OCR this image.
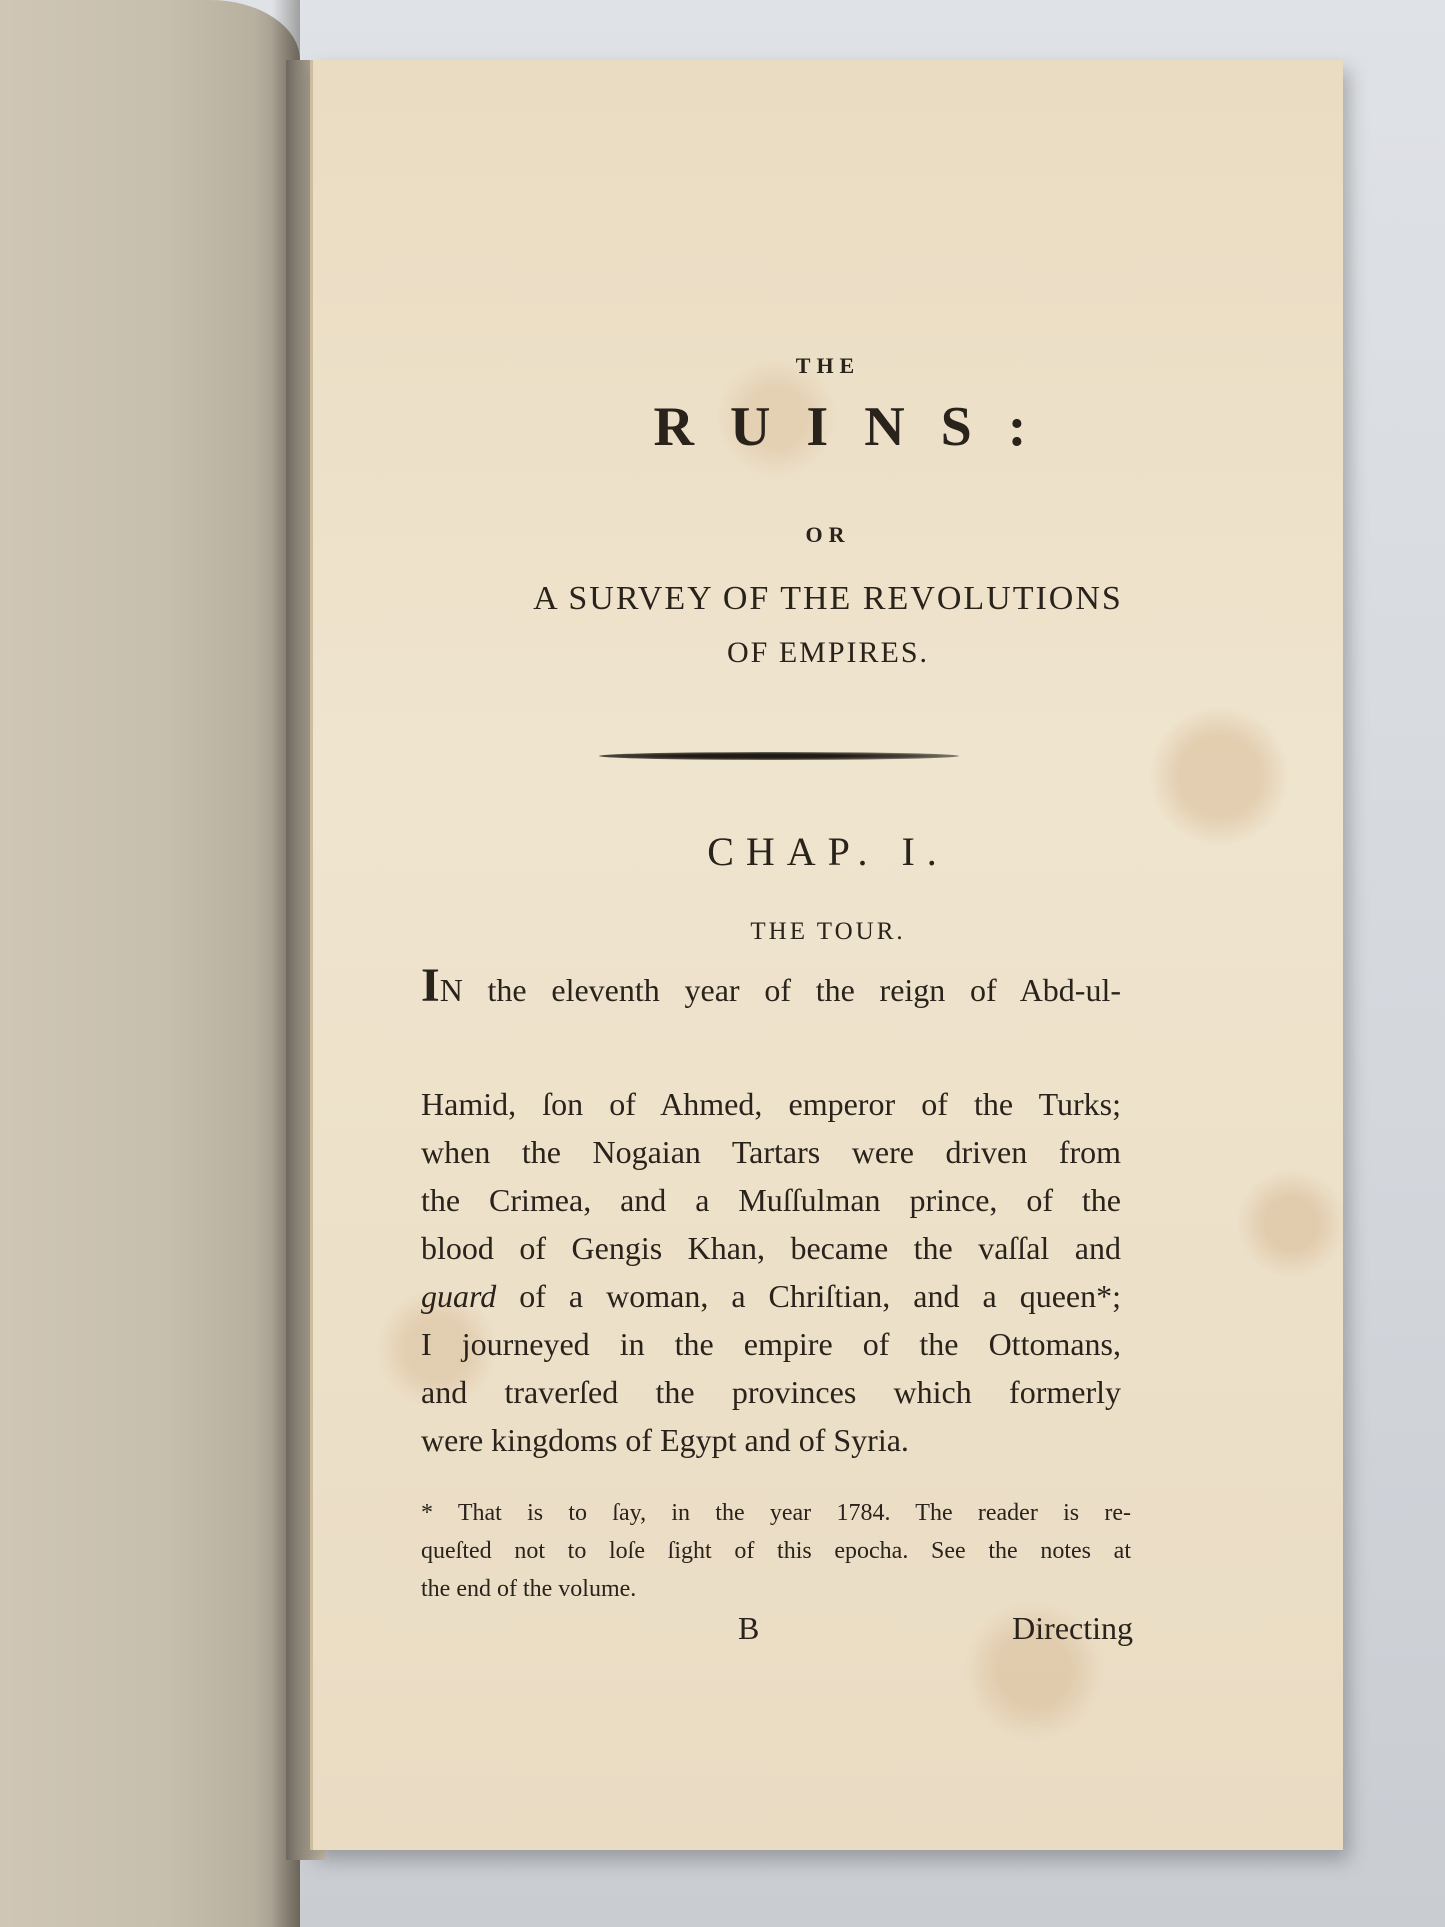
THE
RUINS:
OR
A SURVEY OF THE REVOLUTIONS
OF EMPIRES.
CHAP. I.
THE TOUR.
IN the eleventh year of the reign of Abd-ul-
Hamid, ſon of Ahmed, emperor of the Turks;
when the Nogaian Tartars were driven from
the Crimea, and a Muſſulman prince, of the
blood of Gengis Khan, became the vaſſal and
guard of a woman, a Chriſtian, and a queen*;
I journeyed in the empire of the Ottomans,
and traverſed the provinces which formerly
were kingdoms of Egypt and of Syria.
* That is to ſay, in the year 1784. The reader is re-
queſted not to loſe ſight of this epocha. See the notes at
the end of the volume.
B	Directing
